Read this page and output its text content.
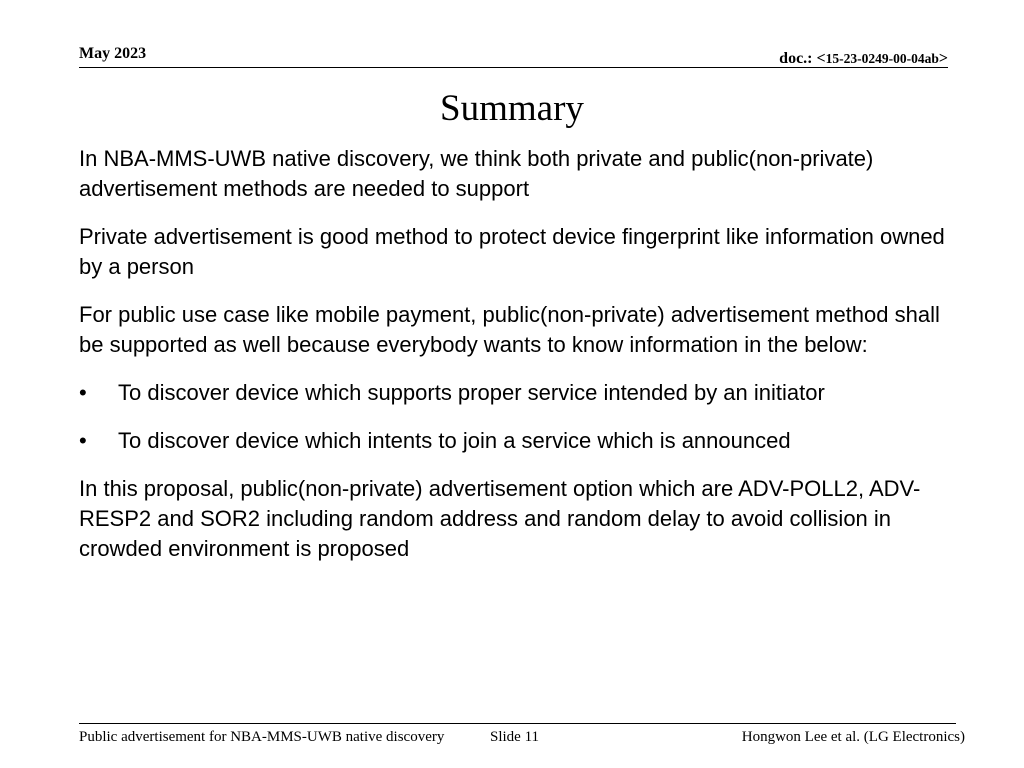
May 2023	doc.: <15-23-0249-00-04ab>
Summary

In NBA-MMS-UWB native discovery, we think both private and public(non-private) advertisement methods are needed to support

Private advertisement is good method to protect device fingerprint like information owned by a person

For public use case like mobile payment, public(non-private) advertisement method shall be supported as well because everybody wants to know information in the below:

• To discover device which supports proper service intended by an initiator
• To discover device which intents to join a service which is announced

In this proposal, public(non-private) advertisement option which are ADV-POLL2, ADV-RESP2 and SOR2 including random address and random delay to avoid collision in crowded environment is proposed

Public advertisement for NBA-MMS-UWB native discovery	Slide 11	Hongwon Lee et al. (LG Electronics)
